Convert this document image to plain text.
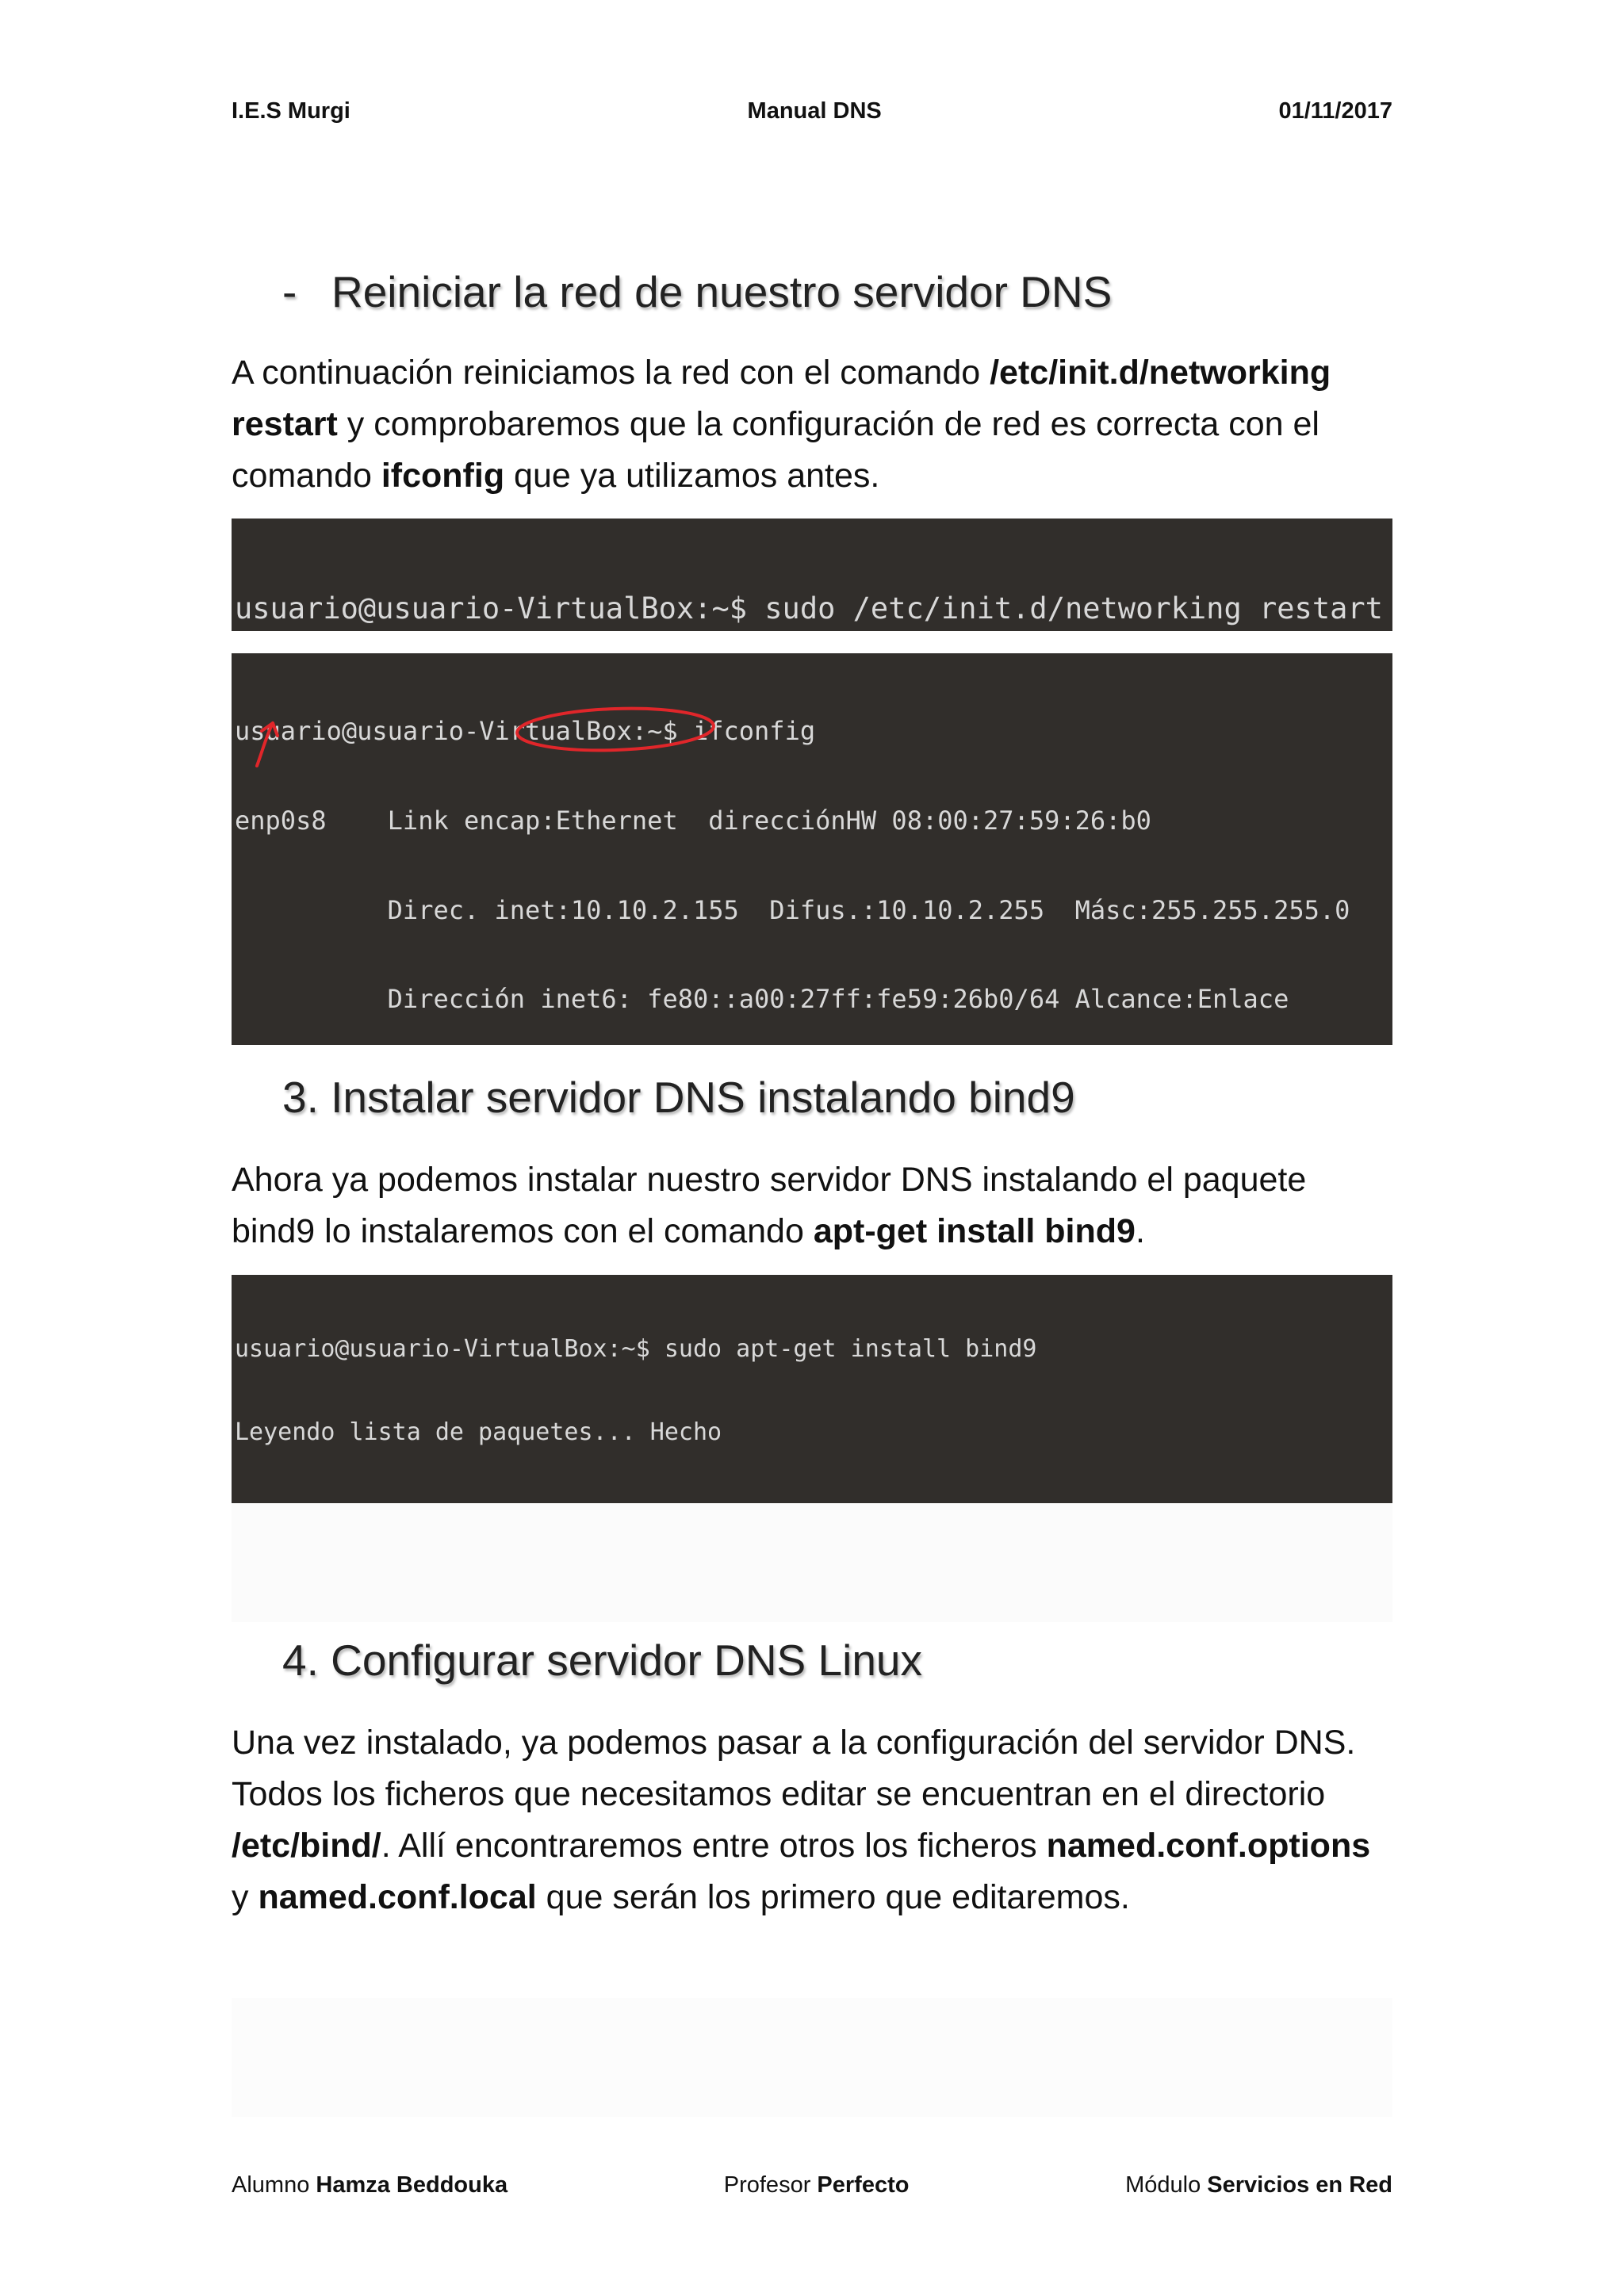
I.E.S Murgi	Manual DNS	01/11/2017
- Reiniciar la red de nuestro servidor DNS

A continuación reiniciamos la red con el comando /etc/init.d/networking restart y comprobaremos que la configuración de red es correcta con el comando ifconfig que ya utilizamos antes.

usuario@usuario-VirtualBox:~$ sudo /etc/init.d/networking restart

usuario@usuario-VirtualBox:~$ ifconfig

enp0s8    Link encap:Ethernet  direcciónHW 08:00:27:59:26:b0

Direc. inet:10.10.2.155  Difus.:10.10.2.255  Másc:255.255.255.0

Dirección inet6: fe80::a00:27ff:fe59:26b0/64 Alcance:Enlace

3. Instalar servidor DNS instalando bind9

Ahora ya podemos instalar nuestro servidor DNS instalando el paquete bind9 lo instalaremos con el comando apt-get install bind9.

usuario@usuario-VirtualBox:~$ sudo apt-get install bind9

Leyendo lista de paquetes... Hecho

4. Configurar servidor DNS Linux

Una vez instalado, ya podemos pasar a la configuración del servidor DNS. Todos los ficheros que necesitamos editar se encuentran en el directorio /etc/bind/. Allí encontraremos entre otros los ficheros named.conf.options y named.conf.local que serán los primero que editaremos.

Alumno Hamza Beddouka	Profesor Perfecto	Módulo Servicios en Red
